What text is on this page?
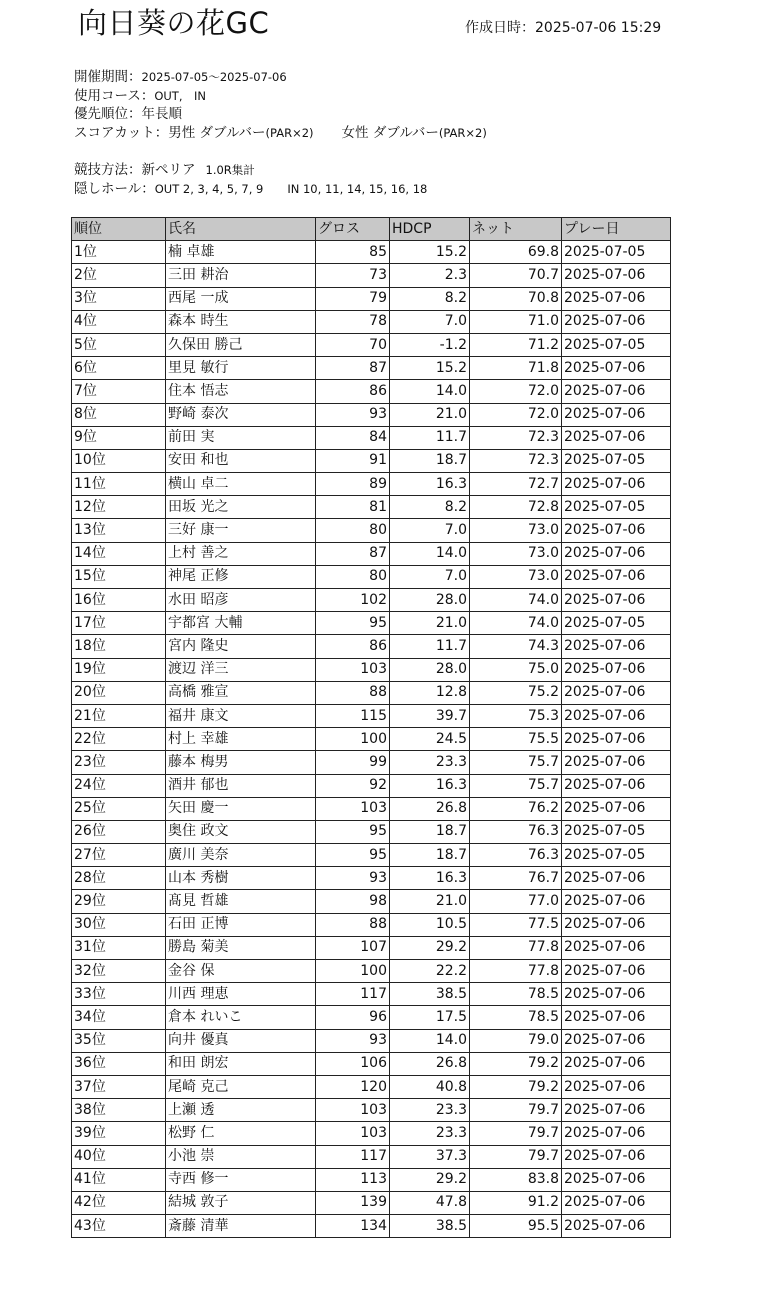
向日葵の花GC	作成日時：2025-07-06 15:29
開催期間：2025-07-05〜2025-07-06
使用コース：OUT,　IN
優先順位：年長順
スコアカット：男性 ダブルバー(PAR×2) 女性 ダブルバー(PAR×2)
競技方法：新ペリア 1.0R集計
隠しホール：OUT 2, 3, 4, 5, 7, 9 IN 10, 11, 14, 15, 16, 18
順位	氏名	グロス	HDCP	ネット	プレー日
1位	楠 卓雄	85	15.2	69.8	2025-07-05
2位	三田 耕治	73	2.3	70.7	2025-07-06
3位	西尾 一成	79	8.2	70.8	2025-07-06
4位	森本 時生	78	7.0	71.0	2025-07-06
5位	久保田 勝己	70	-1.2	71.2	2025-07-05
6位	里見 敏行	87	15.2	71.8	2025-07-06
7位	住本 悟志	86	14.0	72.0	2025-07-06
8位	野崎 泰次	93	21.0	72.0	2025-07-06
9位	前田 実	84	11.7	72.3	2025-07-06
10位	安田 和也	91	18.7	72.3	2025-07-05
11位	横山 卓二	89	16.3	72.7	2025-07-06
12位	田坂 光之	81	8.2	72.8	2025-07-05
13位	三好 康一	80	7.0	73.0	2025-07-06
14位	上村 善之	87	14.0	73.0	2025-07-06
15位	神尾 正修	80	7.0	73.0	2025-07-06
16位	水田 昭彦	102	28.0	74.0	2025-07-06
17位	宇都宮 大輔	95	21.0	74.0	2025-07-05
18位	宮内 隆史	86	11.7	74.3	2025-07-06
19位	渡辺 洋三	103	28.0	75.0	2025-07-06
20位	高橋 雅宣	88	12.8	75.2	2025-07-06
21位	福井 康文	115	39.7	75.3	2025-07-06
22位	村上 幸雄	100	24.5	75.5	2025-07-06
23位	藤本 梅男	99	23.3	75.7	2025-07-06
24位	酒井 郁也	92	16.3	75.7	2025-07-06
25位	矢田 慶一	103	26.8	76.2	2025-07-06
26位	奥住 政文	95	18.7	76.3	2025-07-05
27位	廣川 美奈	95	18.7	76.3	2025-07-05
28位	山本 秀樹	93	16.3	76.7	2025-07-06
29位	髙見 哲雄	98	21.0	77.0	2025-07-06
30位	石田 正博	88	10.5	77.5	2025-07-06
31位	勝島 菊美	107	29.2	77.8	2025-07-06
32位	金谷 保	100	22.2	77.8	2025-07-06
33位	川西 理恵	117	38.5	78.5	2025-07-06
34位	倉本 れいこ	96	17.5	78.5	2025-07-06
35位	向井 優真	93	14.0	79.0	2025-07-06
36位	和田 朗宏	106	26.8	79.2	2025-07-06
37位	尾崎 克己	120	40.8	79.2	2025-07-06
38位	上瀬 透	103	23.3	79.7	2025-07-06
39位	松野 仁	103	23.3	79.7	2025-07-06
40位	小池 崇	117	37.3	79.7	2025-07-06
41位	寺西 修一	113	29.2	83.8	2025-07-06
42位	結城 敦子	139	47.8	91.2	2025-07-06
43位	斎藤 清華	134	38.5	95.5	2025-07-06
